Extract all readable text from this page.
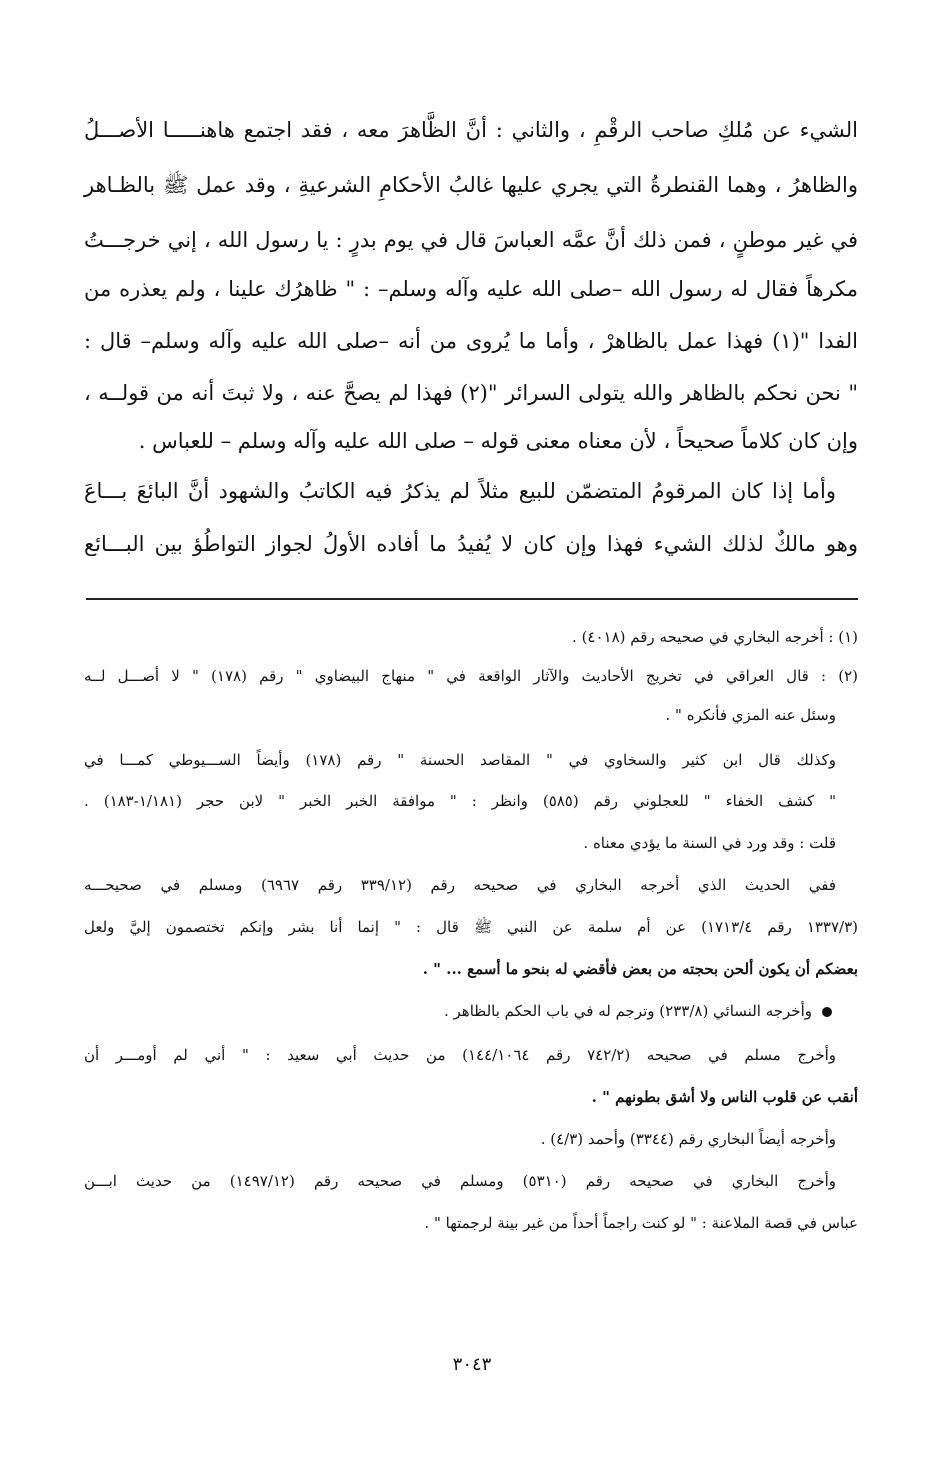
الشيء عن مُلكِ صاحب الرقْمِ ، والثاني : أنَّ الظَّاهرَ معه ، فقد اجتمع هاهنـــــا الأصـــلُ
والظاهرُ ، وهما القنطرةُ التي يجري عليها غالبُ الأحكامِ الشرعيةِ ، وقد عمل ﷺ بالظـاهر
في غير موطنٍ ، فمن ذلك أنَّ عمَّه العباسَ قال في يوم بدرٍ : يا رسول الله ، إني خرجـــتُ
مكرهاً فقال له رسول الله –صلى الله عليه وآله وسلم– : " ظاهرُك علينا ، ولم يعذره من
الفدا "(١) فهذا عمل بالظاهرْ ، وأما ما يُروى من أنه –صلى الله عليه وآله وسلم– قال :
" نحن نحكم بالظاهر والله يتولى السرائر "(٢) فهذا لم يصحَّ عنه ، ولا ثبتَ أنه من قولــه ،
وإن كان كلاماً صحيحاً ، لأن معناه معنى قوله – صلى الله عليه وآله وسلم – للعباس .
وأما إذا كان المرقومُ المتضمّن للبيع مثلاً لم يذكرُ فيه الكاتبُ والشهود أنَّ البائعَ بـــاعَ
وهو مالكٌ لذلك الشيء فهذا وإن كان لا يُفيدُ ما أفاده الأولُ لجواز التواطُؤ بين البـــائع
(١) : أخرجه البخاري في صحيحه رقم (٤٠١٨) .
(٢) : قال العراقي في تخريج الأحاديث والآثار الواقعة في " منهاج البيضاوي " رقم (١٧٨) " لا أصـــل لــه
وسئل عنه المزي فأنكره " .
وكذلك قال ابن كثير والسخاوي في " المقاصد الحسنة " رقم (١٧٨) وأيضاً الســـيوطي كمـــا في
" كشف الخفاء " للعجلوني رقم (٥٨٥) وانظر : " موافقة الخبر الخبر " لابن حجر (١/١٨١-١٨٣) .
قلت : وقد ورد في السنة ما يؤدي معناه .
ففي الحديث الذي أخرجه البخاري في صحيحه رقم (٣٣٩/١٢ رقم ٦٩٦٧) ومسلم في صحيحـــه
(١٣٣٧/٣ رقم ١٧١٣/٤) عن أم سلمة عن النبي ﷺ قال : " إنما أنا بشر وإنكم تختصمون إليَّ ولعل
بعضكم أن يكون ألحن بحجته من بعض فأقضي له بنحو ما أسمع ... " .
وأخرجه النسائي (٢٣٣/٨) وترجم له في باب الحكم بالظاهر .
وأخرج مسلم في صحيحه (٧٤٢/٢ رقم ١٤٤/١٠٦٤) من حديث أبي سعيد : " أني لم أومـــر أن
أنقب عن قلوب الناس ولا أشق بطونهم " .
وأخرجه أيضاً البخاري رقم (٣٣٤٤) وأحمد (٤/٣) .
وأخرج البخاري في صحيحه رقم (٥٣١٠) ومسلم في صحيحه رقم (١٤٩٧/١٢) من حديث ابـــن
عباس في قصة الملاعنة : " لو كنت راجماً أحداً من غير بينة لرجمتها " .
٣٠٤٣
